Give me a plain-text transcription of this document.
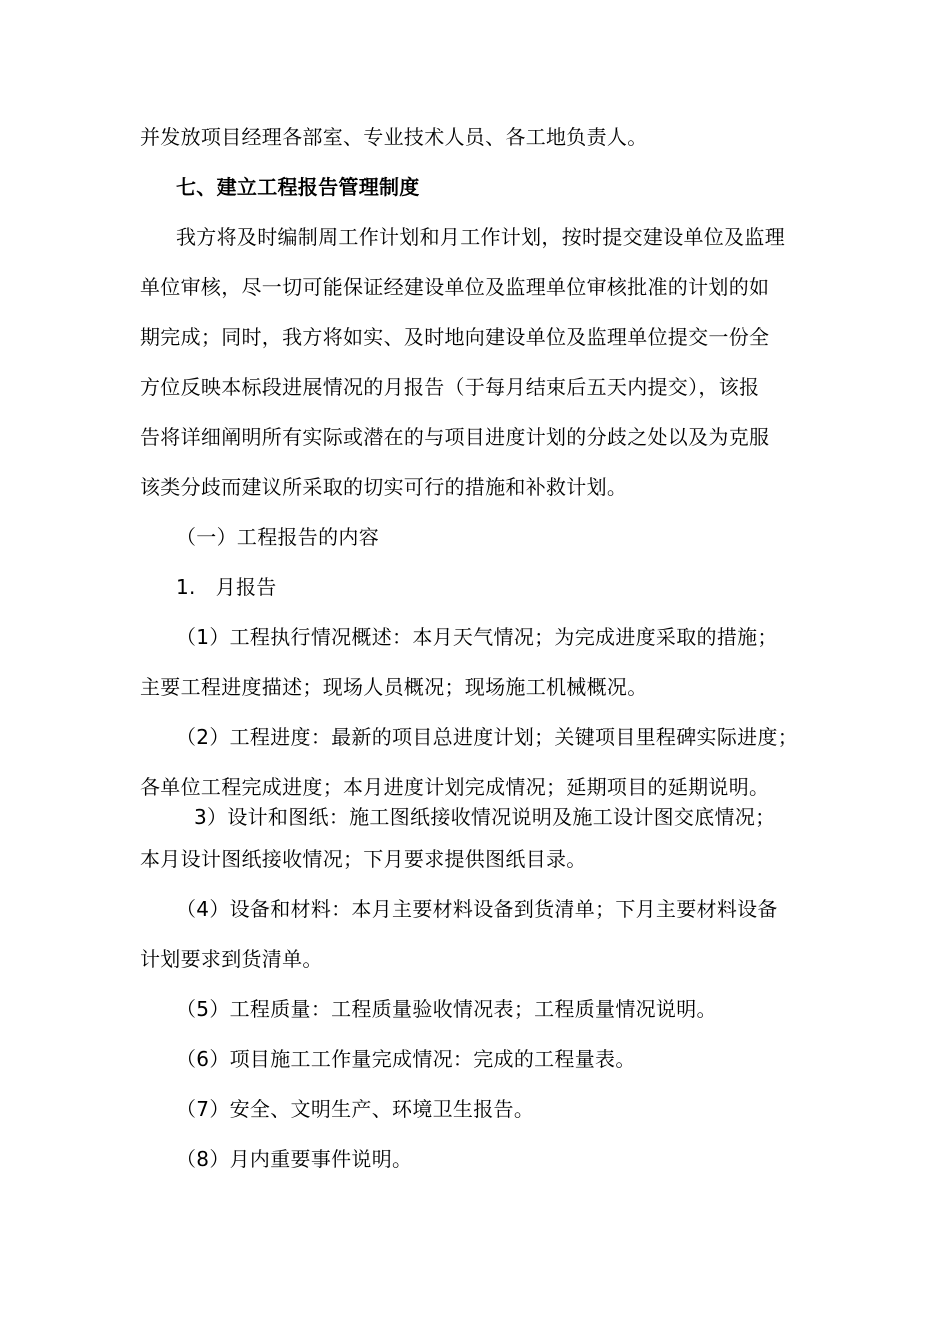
并发放项目经理各部室、专业技术人员、各工地负责人。
七、建立工程报告管理制度
我方将及时编制周工作计划和月工作计划，按时提交建设单位及监理
单位审核，尽一切可能保证经建设单位及监理单位审核批准的计划的如
期完成；同时，我方将如实、及时地向建设单位及监理单位提交一份全
方位反映本标段进展情况的月报告（于每月结束后五天内提交），该报
告将详细阐明所有实际或潜在的与项目进度计划的分歧之处以及为克服
该类分歧而建议所采取的切实可行的措施和补救计划。
（一）工程报告的内容
1.   月报告
（1）工程执行情况概述：本月天气情况；为完成进度采取的措施；
主要工程进度描述；现场人员概况；现场施工机械概况。
（2）工程进度：最新的项目总进度计划；关键项目里程碑实际进度；
各单位工程完成进度；本月进度计划完成情况；延期项目的延期说明。
3）设计和图纸：施工图纸接收情况说明及施工设计图交底情况；
本月设计图纸接收情况；下月要求提供图纸目录。
（4）设备和材料：本月主要材料设备到货清单；下月主要材料设备
计划要求到货清单。
（5）工程质量：工程质量验收情况表；工程质量情况说明。
（6）项目施工工作量完成情况：完成的工程量表。
（7）安全、文明生产、环境卫生报告。
（8）月内重要事件说明。
